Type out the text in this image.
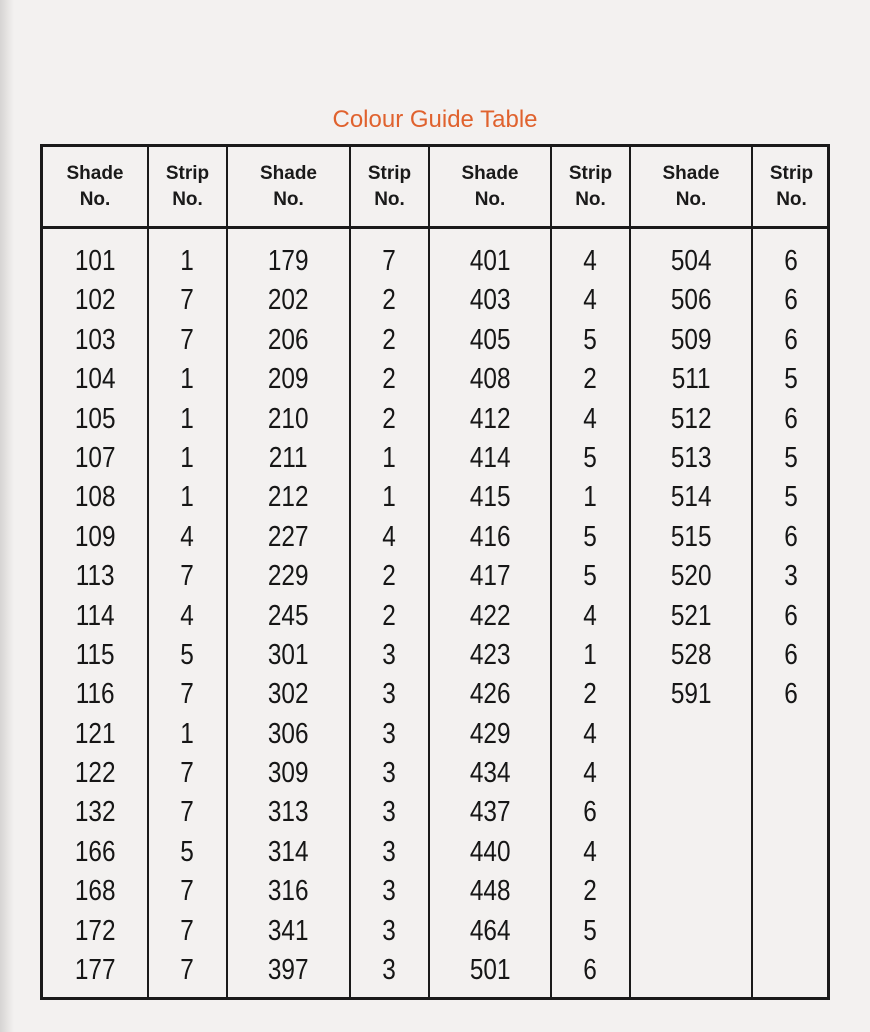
Colour Guide Table
Shade
No.
Strip
No.
Shade
No.
Strip
No.
Shade
No.
Strip
No.
Shade
No.
Strip
No.
101
102
103
104
105
107
108
109
113
114
115
116
121
122
132
166
168
172
177
1
7
7
1
1
1
1
4
7
4
5
7
1
7
7
5
7
7
7
179
202
206
209
210
211
212
227
229
245
301
302
306
309
313
314
316
341
397
7
2
2
2
2
1
1
4
2
2
3
3
3
3
3
3
3
3
3
401
403
405
408
412
414
415
416
417
422
423
426
429
434
437
440
448
464
501
4
4
5
2
4
5
1
5
5
4
1
2
4
4
6
4
2
5
6
504
506
509
511
512
513
514
515
520
521
528
591
6
6
6
5
6
5
5
6
3
6
6
6
